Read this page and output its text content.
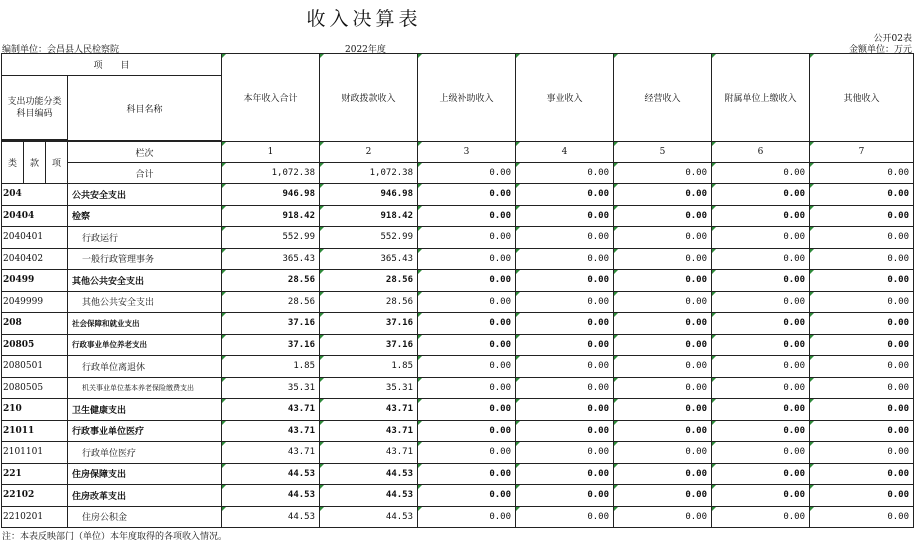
收入决算表
公开02表
编制单位：会昌县人民检察院	2022年度	金额单位：万元
项　　目				本年收入合计	财政拨款收入	上级补助收入	事业收入	经营收入	附属单位上缴收入	其他收入
支出功能分类科目编码			科目名称							

类	款	项	栏次	1	2	3	4	5	6	7
			合计	1,072.38	1,072.38	0.00	0.00	0.00	0.00	0.00
204			公共安全支出	946.98	946.98	0.00	0.00	0.00	0.00	0.00
20404			检察	918.42	918.42	0.00	0.00	0.00	0.00	0.00
2040401			行政运行	552.99	552.99	0.00	0.00	0.00	0.00	0.00
2040402			一般行政管理事务	365.43	365.43	0.00	0.00	0.00	0.00	0.00
20499			其他公共安全支出	28.56	28.56	0.00	0.00	0.00	0.00	0.00
2049999			其他公共安全支出	28.56	28.56	0.00	0.00	0.00	0.00	0.00
208			社会保障和就业支出	37.16	37.16	0.00	0.00	0.00	0.00	0.00
20805			行政事业单位养老支出	37.16	37.16	0.00	0.00	0.00	0.00	0.00
2080501			行政单位离退休	1.85	1.85	0.00	0.00	0.00	0.00	0.00
2080505			机关事业单位基本养老保险缴费支出	35.31	35.31	0.00	0.00	0.00	0.00	0.00
210			卫生健康支出	43.71	43.71	0.00	0.00	0.00	0.00	0.00
21011			行政事业单位医疗	43.71	43.71	0.00	0.00	0.00	0.00	0.00
2101101			行政单位医疗	43.71	43.71	0.00	0.00	0.00	0.00	0.00
221			住房保障支出	44.53	44.53	0.00	0.00	0.00	0.00	0.00
22102			住房改革支出	44.53	44.53	0.00	0.00	0.00	0.00	0.00
2210201			住房公积金	44.53	44.53	0.00	0.00	0.00	0.00	0.00
注：本表反映部门（单位）本年度取得的各项收入情况。
